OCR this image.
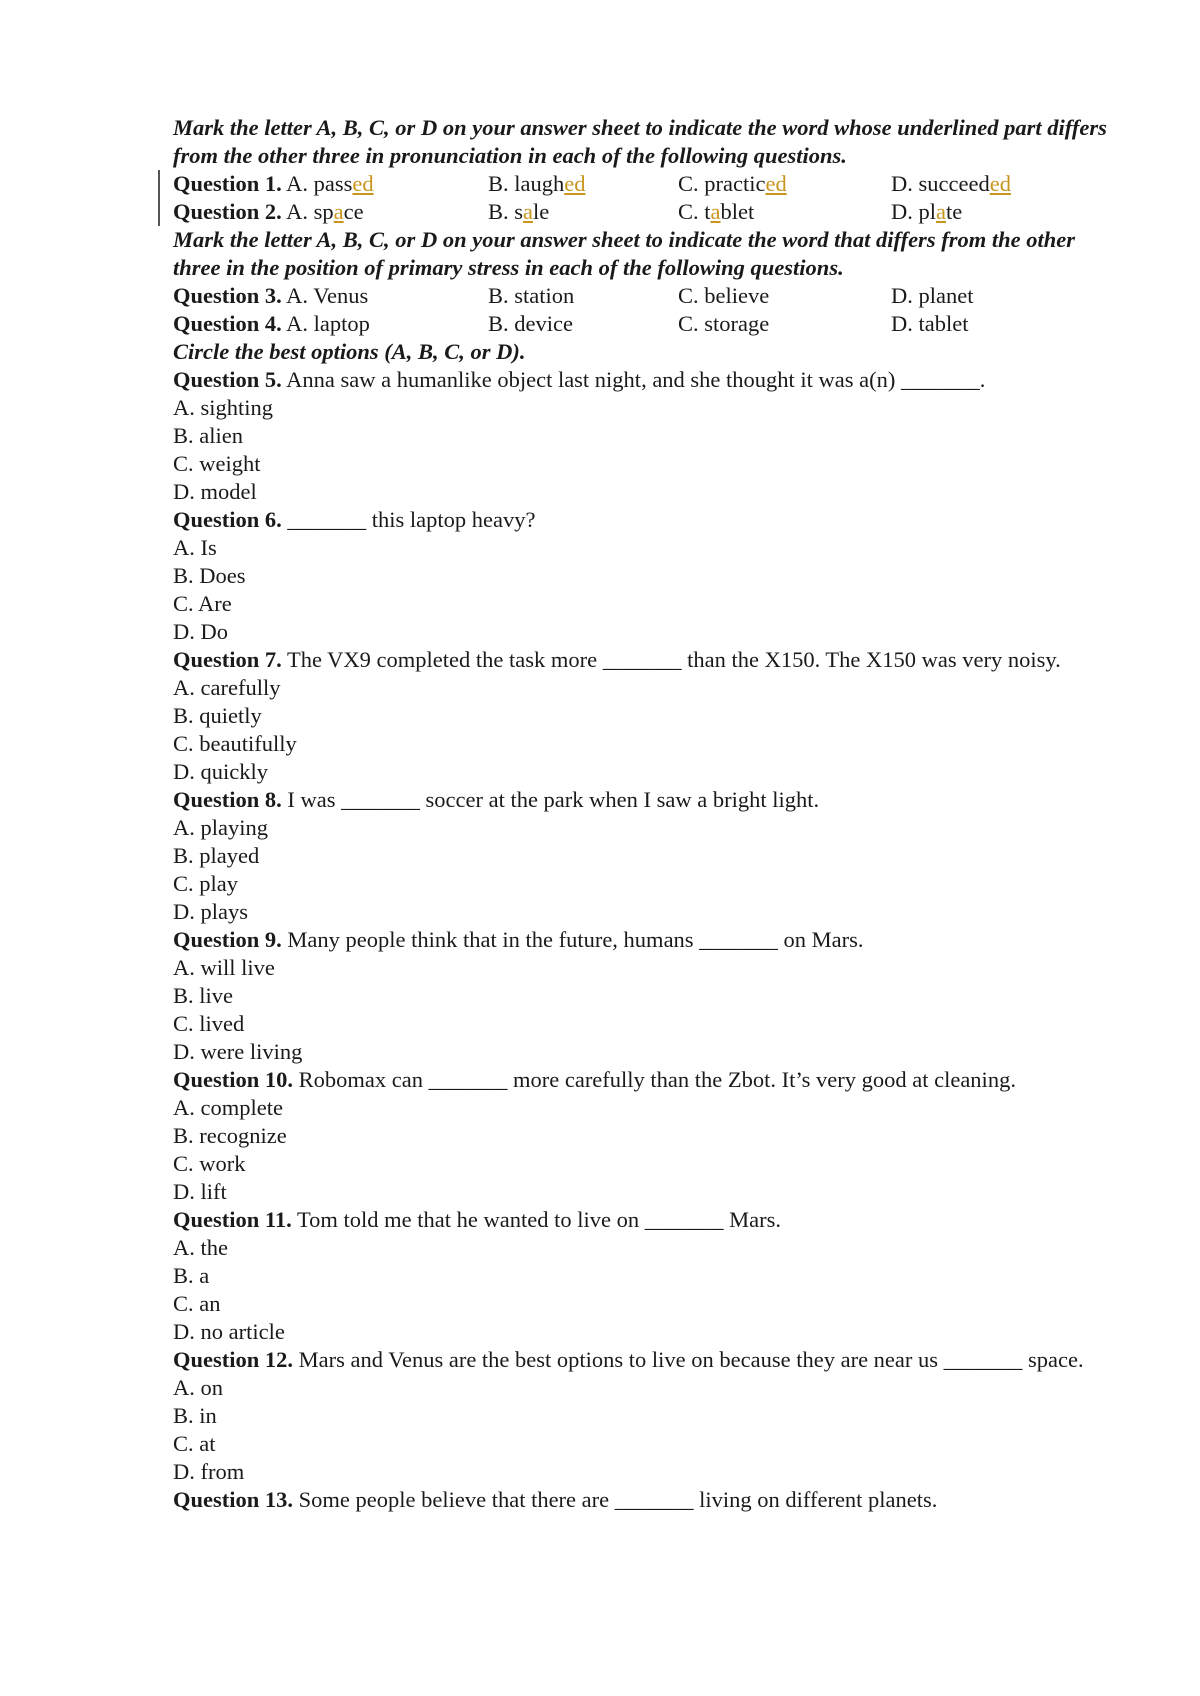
Mark the letter A, B, C, or D on your answer sheet to indicate the word whose underlined part differs from the other three in pronunciation in each of the following questions.
Question 1. A. passed	B. laughed	C. practiced	D. succeeded
Question 2. A. space	B. sale	C. tablet	D. plate
Mark the letter A, B, C, or D on your answer sheet to indicate the word that differs from the other three in the position of primary stress in each of the following questions.
Question 3. A. Venus	B. station	C. believe	D. planet
Question 4. A. laptop	B. device	C. storage	D. tablet
Circle the best options (A, B, C, or D).
Question 5. Anna saw a humanlike object last night, and she thought it was a(n) _______.
A. sighting
B. alien
C. weight
D. model
Question 6. _______ this laptop heavy?
A. Is
B. Does
C. Are
D. Do
Question 7. The VX9 completed the task more _______ than the X150. The X150 was very noisy.
A. carefully
B. quietly
C. beautifully
D. quickly
Question 8. I was _______ soccer at the park when I saw a bright light.
A. playing
B. played
C. play
D. plays
Question 9. Many people think that in the future, humans _______ on Mars.
A. will live
B. live
C. lived
D. were living
Question 10. Robomax can _______ more carefully than the Zbot. It’s very good at cleaning.
A. complete
B. recognize
C. work
D. lift
Question 11. Tom told me that he wanted to live on _______ Mars.
A. the
B. a
C. an
D. no article
Question 12. Mars and Venus are the best options to live on because they are near us _______ space.
A. on
B. in
C. at
D. from
Question 13. Some people believe that there are _______ living on different planets.
